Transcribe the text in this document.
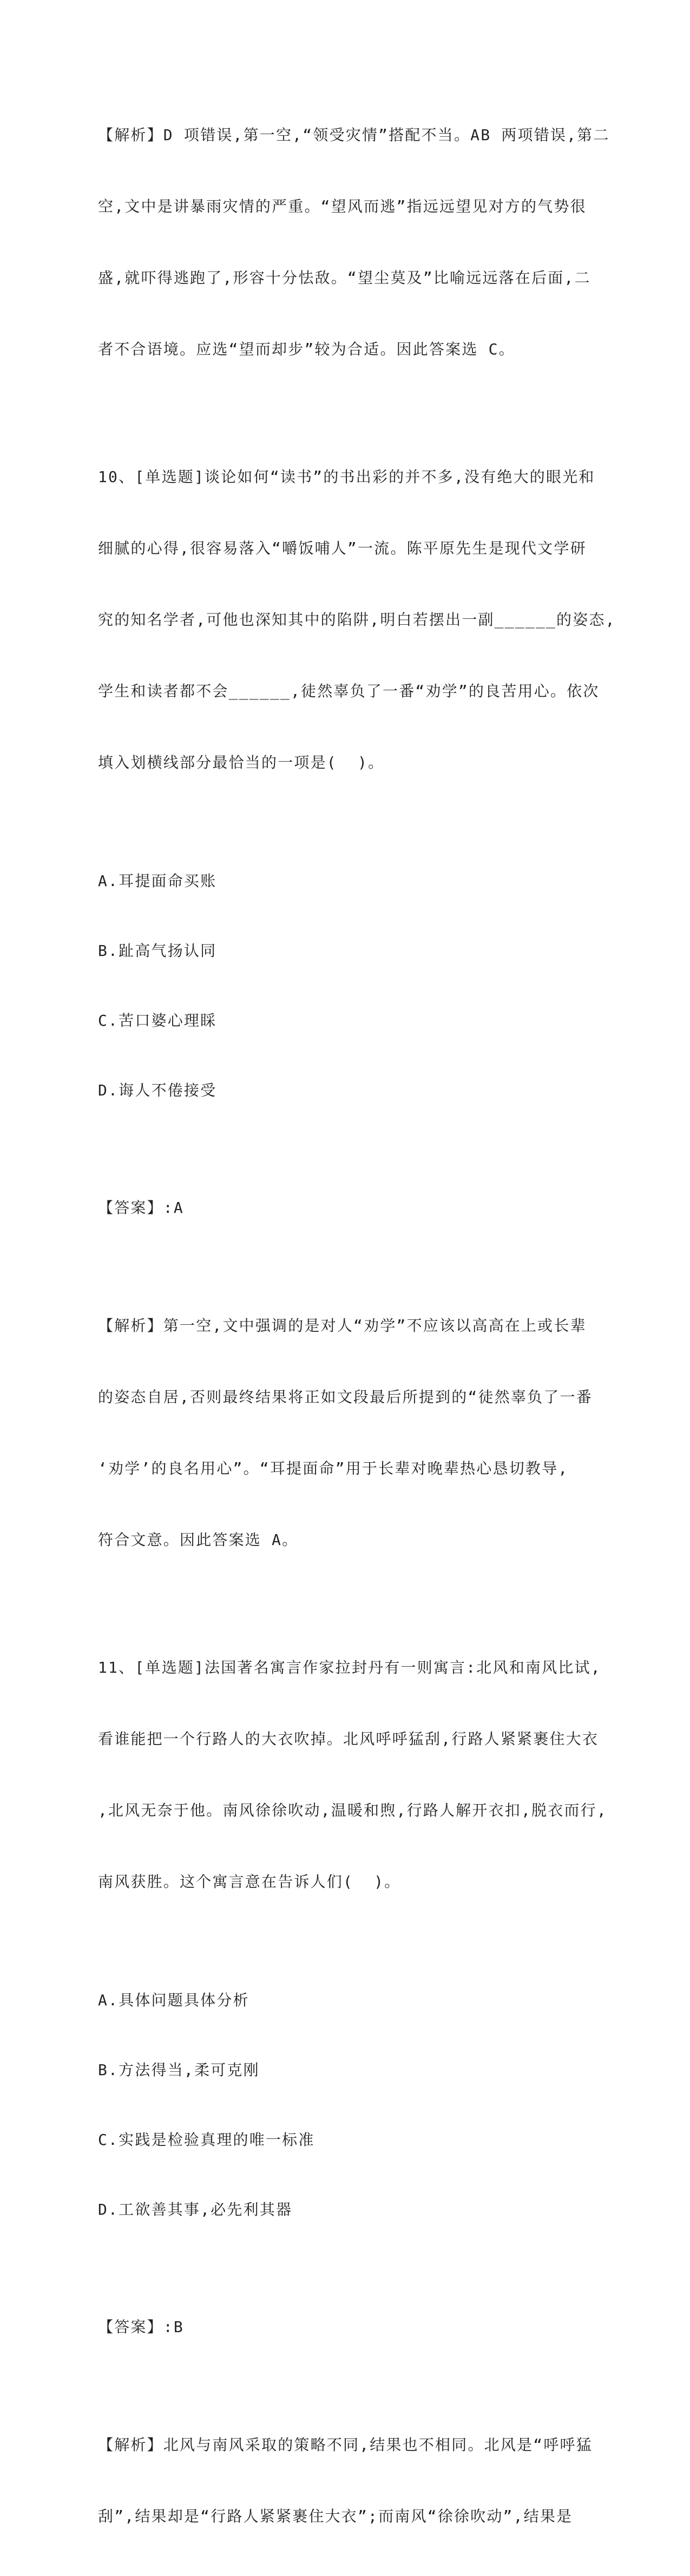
【解析】D 项错误,第一空,“领受灾情”搭配不当。AB 两项错误,第二

空,文中是讲暴雨灾情的严重。“望风而逃”指远远望见对方的气势很

盛,就吓得逃跑了,形容十分怯敌。“望尘莫及”比喻远远落在后面,二

者不合语境。应选“望而却步”较为合适。因此答案选 C。

10、[单选题]谈论如何“读书”的书出彩的并不多,没有绝大的眼光和

细腻的心得,很容易落入“嚼饭哺人”一流。陈平原先生是现代文学研

究的知名学者,可他也深知其中的陷阱,明白若摆出一副______的姿态,

学生和读者都不会______,徒然辜负了一番“劝学”的良苦用心。依次

填入划横线部分最恰当的一项是(  )。

A.耳提面命买账

B.趾高气扬认同

C.苦口婆心理睬

D.诲人不倦接受

【答案】:A

【解析】第一空,文中强调的是对人“劝学”不应该以高高在上或长辈

的姿态自居,否则最终结果将正如文段最后所提到的“徒然辜负了一番

‘劝学’的良名用心”。“耳提面命”用于长辈对晚辈热心恳切教导,

符合文意。因此答案选 A。

11、[单选题]法国著名寓言作家拉封丹有一则寓言:北风和南风比试,

看谁能把一个行路人的大衣吹掉。北风呼呼猛刮,行路人紧紧裹住大衣

,北风无奈于他。南风徐徐吹动,温暖和煦,行路人解开衣扣,脱衣而行,

南风获胜。这个寓言意在告诉人们(  )。

A.具体问题具体分析

B.方法得当,柔可克刚

C.实践是检验真理的唯一标准

D.工欲善其事,必先利其器

【答案】:B

【解析】北风与南风采取的策略不同,结果也不相同。北风是“呼呼猛

刮”,结果却是“行路人紧紧裹住大衣”;而南风“徐徐吹动”,结果是
